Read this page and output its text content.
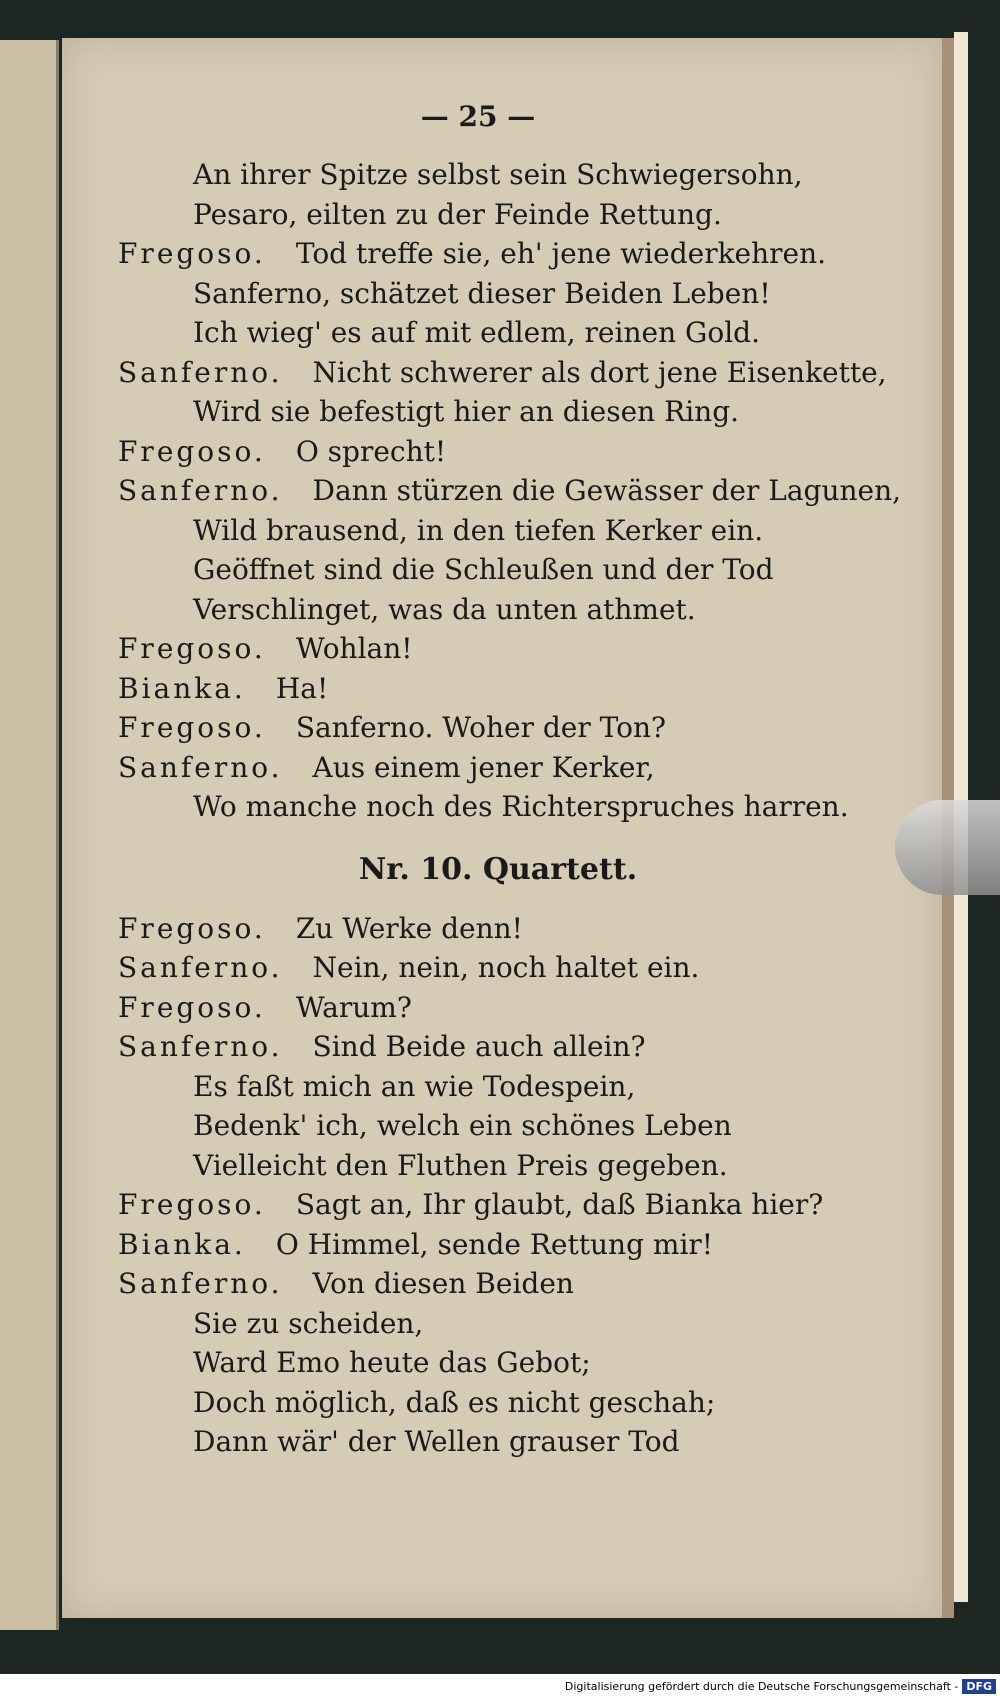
— 25 —
An ihrer Spitze selbst sein Schwiegersohn,
Pesaro, eilten zu der Feinde Rettung.
Fregoso. Tod treffe sie, eh' jene wiederkehren.
Sanferno, schätzet dieser Beiden Leben!
Ich wieg' es auf mit edlem, reinen Gold.
Sanferno. Nicht schwerer als dort jene Eisenkette,
Wird sie befestigt hier an diesen Ring.
Fregoso. O sprecht!
Sanferno. Dann stürzen die Gewässer der Lagunen,
Wild brausend, in den tiefen Kerker ein.
Geöffnet sind die Schleußen und der Tod
Verschlinget, was da unten athmet.
Fregoso. Wohlan!
Bianka. Ha!
Fregoso. Sanferno. Woher der Ton?
Sanferno. Aus einem jener Kerker,
Wo manche noch des Richterspruches harren.
Nr. 10. Quartett.
Fregoso. Zu Werke denn!
Sanferno. Nein, nein, noch haltet ein.
Fregoso. Warum?
Sanferno. Sind Beide auch allein?
Es faßt mich an wie Todespein,
Bedenk' ich, welch ein schönes Leben
Vielleicht den Fluthen Preis gegeben.
Fregoso. Sagt an, Ihr glaubt, daß Bianka hier?
Bianka. O Himmel, sende Rettung mir!
Sanferno. Von diesen Beiden
Sie zu scheiden,
Ward Emo heute das Gebot;
Doch möglich, daß es nicht geschah;
Dann wär' der Wellen grauser Tod
Digitalisierung gefördert durch die Deutsche Forschungsgemeinschaft - DFG
